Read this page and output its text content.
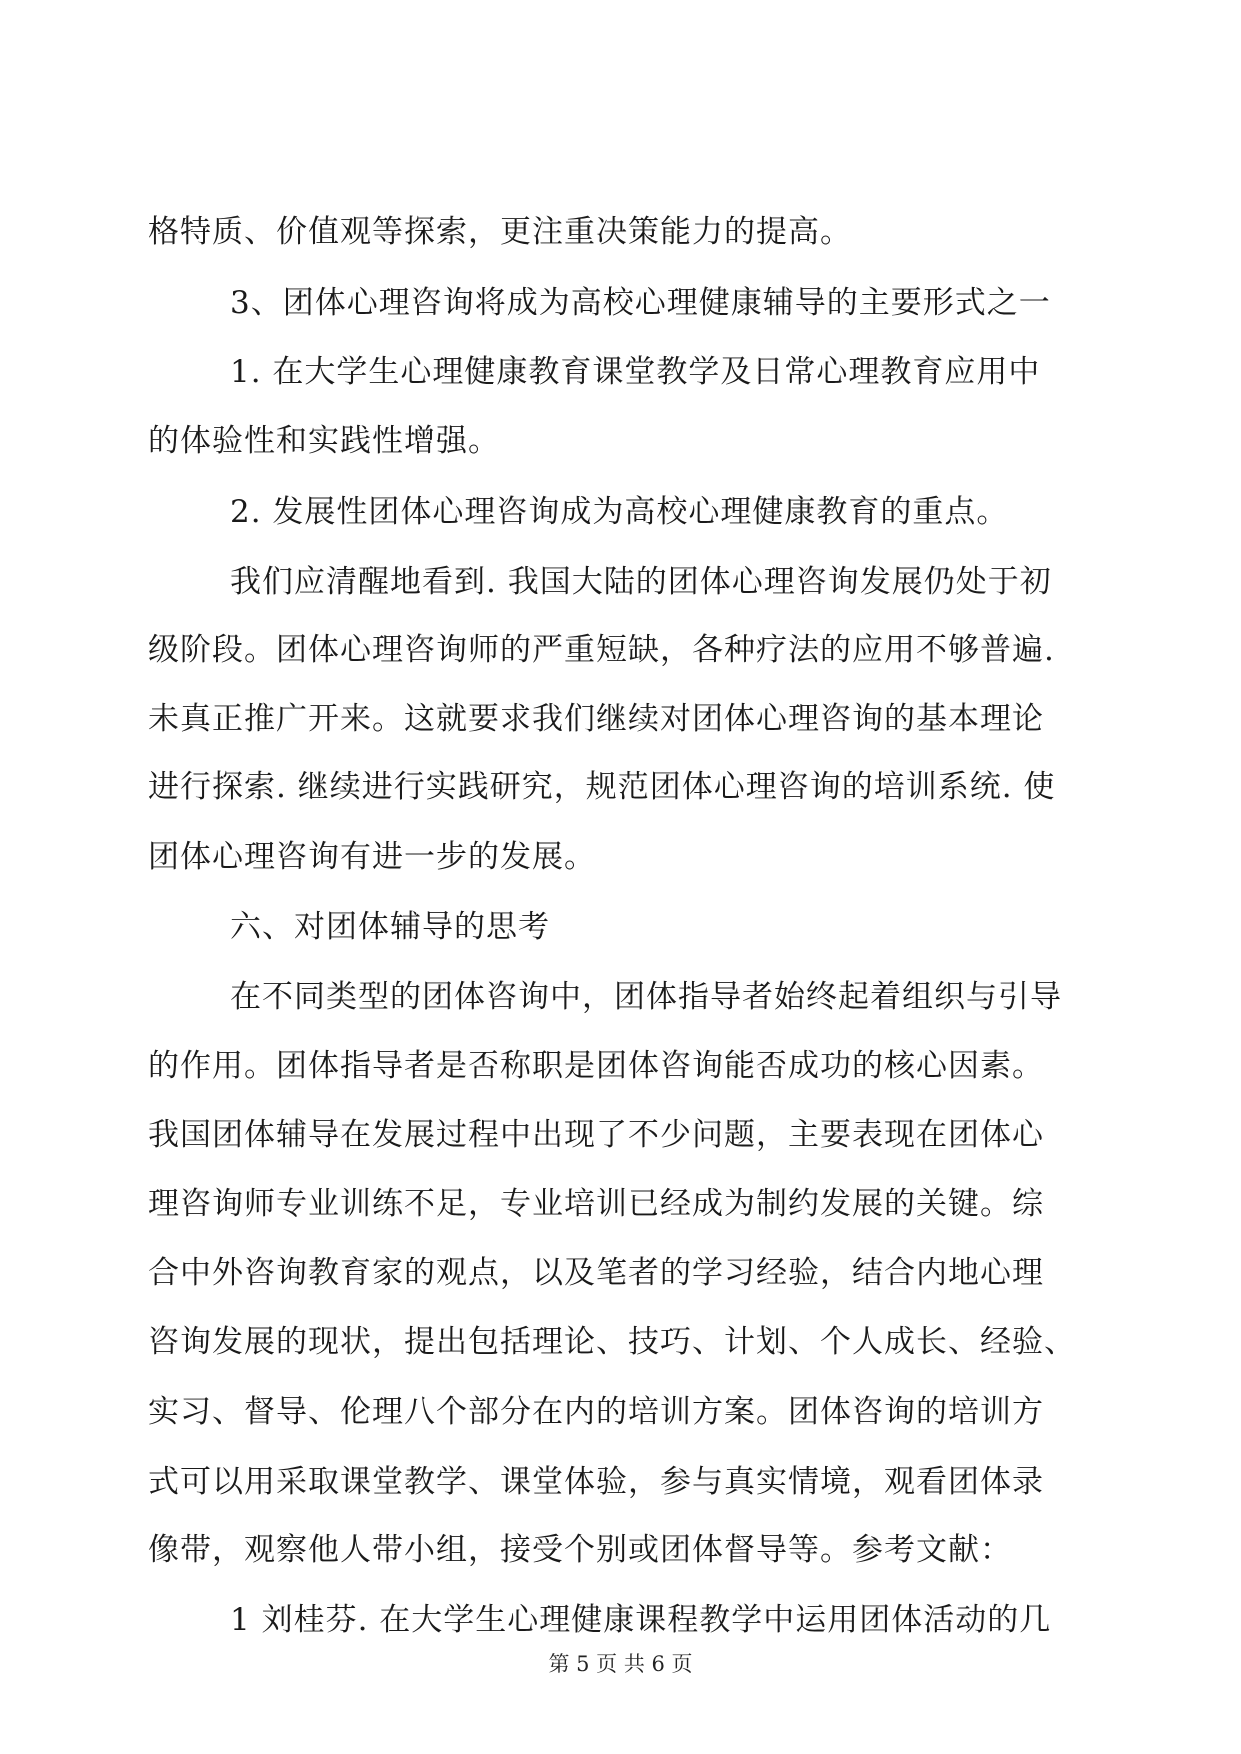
格特质、价值观等探索，更注重决策能力的提高。
3、团体心理咨询将成为高校心理健康辅导的主要形式之一
1. 在大学生心理健康教育课堂教学及日常心理教育应用中
的体验性和实践性增强。
2. 发展性团体心理咨询成为高校心理健康教育的重点。
我们应清醒地看到. 我国大陆的团体心理咨询发展仍处于初
级阶段。团体心理咨询师的严重短缺，各种疗法的应用不够普遍.
未真正推广开来。这就要求我们继续对团体心理咨询的基本理论
进行探索. 继续进行实践研究，规范团体心理咨询的培训系统. 使
团体心理咨询有进一步的发展。
六、对团体辅导的思考
在不同类型的团体咨询中，团体指导者始终起着组织与引导
的作用。团体指导者是否称职是团体咨询能否成功的核心因素。
我国团体辅导在发展过程中出现了不少问题，主要表现在团体心
理咨询师专业训练不足，专业培训已经成为制约发展的关键。综
合中外咨询教育家的观点，以及笔者的学习经验，结合内地心理
咨询发展的现状，提出包括理论、技巧、计划、个人成长、经验、
实习、督导、伦理八个部分在内的培训方案。团体咨询的培训方
式可以用采取课堂教学、课堂体验，参与真实情境，观看团体录
像带，观察他人带小组，接受个别或团体督导等。参考文献：
1 刘桂芬. 在大学生心理健康课程教学中运用团体活动的几
第 5 页 共 6 页
